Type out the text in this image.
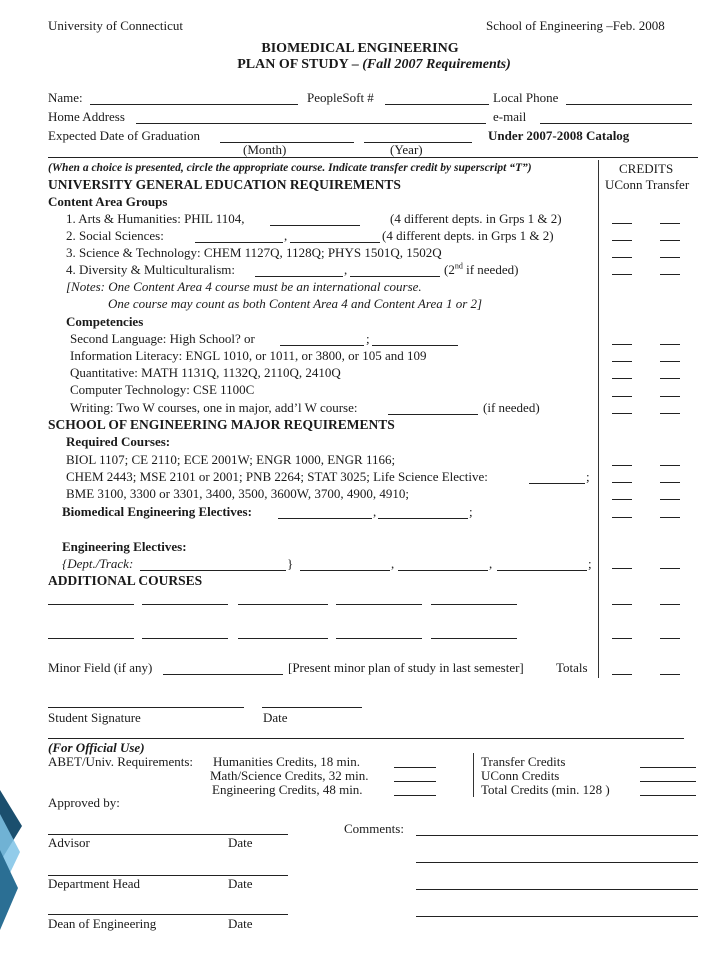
University of Connecticut	School of Engineering –Feb. 2008
BIOMEDICAL ENGINEERING
PLAN OF STUDY – (Fall 2007 Requirements)
Name:	PeopleSoft #	Local Phone
Home Address	e-mail
Expected Date of Graduation	Under 2007-2008 Catalog
(Month)	(Year)
(When a choice is presented, circle the appropriate course. Indicate transfer credit by superscript “T”)	CREDITS
UConn Transfer
UNIVERSITY GENERAL EDUCATION REQUIREMENTS
Content Area Groups
1. Arts & Humanities: PHIL 1104,	(4 different depts. in Grps 1 & 2)
2. Social Sciences:	,	(4 different depts. in Grps 1 & 2)
3. Science & Technology: CHEM 1127Q, 1128Q; PHYS 1501Q, 1502Q
4. Diversity & Multiculturalism:	,	(2nd if needed)
[Notes: One Content Area 4 course must be an international course.
One course may count as both Content Area 4 and Content Area 1 or 2]
Competencies
Second Language: High School? or	;
Information Literacy: ENGL 1010, or 1011, or 3800, or 105 and 109
Quantitative: MATH 1131Q, 1132Q, 2110Q, 2410Q
Computer Technology: CSE 1100C
Writing: Two W courses, one in major, add’l W course:	(if needed)
SCHOOL OF ENGINEERING MAJOR REQUIREMENTS
Required Courses:
BIOL 1107; CE 2110; ECE 2001W; ENGR 1000, ENGR 1166;
CHEM 2443; MSE 2101 or 2001; PNB 2264; STAT 3025; Life Science Elective:	;
BME 3100, 3300 or 3301, 3400, 3500, 3600W, 3700, 4900, 4910;
Biomedical Engineering Electives:	,	;
Engineering Electives:
{Dept./Track:	}	,	,	;
ADDITIONAL COURSES
Minor Field (if any)	[Present minor plan of study in last semester] Totals
Student Signature	Date
(For Official Use)
ABET/Univ. Requirements: Humanities Credits, 18 min.
Math/Science Credits, 32 min.
Engineering Credits, 48 min.
Transfer Credits
UConn Credits
Total Credits (min. 128 )
Approved by:
Comments:
Advisor	Date
Department Head	Date
Dean of Engineering	Date
